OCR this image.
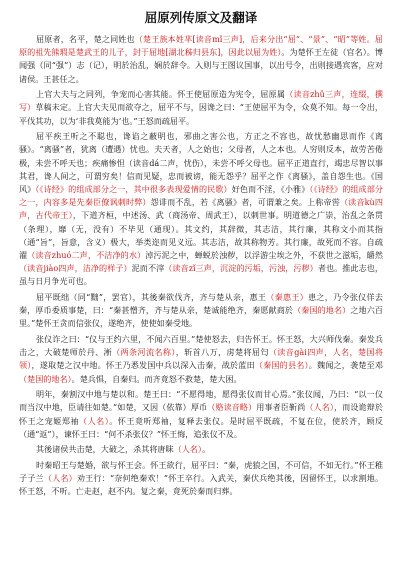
屈原列传原文及翻译

屈原者，名平，楚之同姓也（楚王族本姓芈[读音mǐ三声]，后来分出“屈”、“景”、“昭”等姓。屈原的祖先熊瑕是楚武王的儿子，封于屈地[湖北秭归县东]，因此以屈为姓）。为楚怀王左徒（官名）。博闻强（同“强”）志（记），明於治乱，娴於辞令。入则与王图议国事，以出号令，出则接遇宾客，应对诸侯。王甚任之。

上官大夫与之同列，争宠而心害其能。怀王使屈原造为宪令，屈原属（读音zhǔ三声，连缀，撰写）草稿未定。上官大夫见而欲夺之，屈平不与，因谗之曰：“王使屈平为令，众莫不知。每一令出，平伐其功，以为‘非我莫能为’也。”王怒而疏屈平。

屈平疾王听之不聪也，谗谄之蔽明也，邪曲之害公也，方正之不容也，故忧愁幽思而作《离骚》。“离骚”者，犹离（遭遇）忧也。夫天者，人之始也；父母者，人之本也。人穷则反本，故劳苦倦极，未尝不呼天也；疾痛惨怛（读音dá二声，忧伤），未尝不呼父母也。屈平正道直行，竭忠尽智以事其君，谗人间之，可谓穷矣！信而见疑，忠而被谤，能无怨乎？屈平之作《离骚》，盖自怨生也。《国风》（《诗经》的组成部分之一，其中很多表现爱情的民歌）好色而不淫，《小雅》（《诗经》的组成部分之一，内容多是先秦臣僚讽刺时弊）怨诽而不乱，若《离骚》者，可谓兼之矣。上称帝喾（读音kù四声，古代帝王），下道齐桓，中述汤、武（商汤帝、周武王），以刺世事。明道德之广崇，治乱之条贯（条理），靡（无，没有）不毕见（通现）。其文约，其辞微，其志洁，其行廉，其称文小而其指（通“旨”，旨意，含义）极大，举类迩而见义远。其志洁，故其称物芳。其行廉，故死而不容。自疏濯（读音zhuó二声，不洁净的水）淖污泥之中，蝉蜕於浊秽，以浮游尘埃之外，不获世之滋垢，皭然（读音jiào四声，洁净的样子）泥而不滓（读音zǐ三声，沉淀的污垢，污浊，污秽）者也。推此志也，虽与日月争光可也。

屈平既绌（同“黜”，罢官），其後秦欲伐齐，齐与楚从亲，惠王（秦惠王）患之，乃令张仪佯去秦，厚币委质事楚，曰：“秦甚憎齐，齐与楚从亲，楚诚能绝齐，秦愿献商於（秦国的地名）之地六百里。”楚怀王贪而信张仪，遂绝齐，使使如秦受地。

张仪诈之曰：“仪与王约六里，不闻六百里。”楚使怒去，归告怀王。怀王怒，大兴师伐秦。秦发兵击之，大破楚师於丹、淅（两条河流名称），斩首八万，虏楚将屈匄（读音gài四声，人名，楚国将领），遂取楚之汉中地。怀王乃悉发国中兵以深入击秦，战於蓝田（秦国的县名）。魏闻之，袭楚至邓（楚国的地名）。楚兵惧，自秦归。而齐竟怒不救楚，楚大困。

明年，秦割汉中地与楚以和。楚王曰：“不愿得地，愿得张仪而甘心焉。”张仪闻，乃曰：“以一仪而当汉中地，臣请往如楚。”如楚，又因（依靠）厚币（赂读音略）用事者臣靳尚（人名），而设诡辩於怀王之宠姬郑袖（人名）。怀王竟听郑袖，复释去张仪。是时屈平既疏，不复在位，使於齐，顾反（通“返”），谏怀王曰：“何不杀张仪？”怀王悔，追张仪不及。

其後诸侯共击楚，大破之，杀其将唐眜（人名）。

时秦昭王与楚婚，欲与怀王会。怀王欲行，屈平曰：“秦，虎狼之国，不可信，不如无行。”怀王稚子子兰（人名）劝王行：“奈何绝秦欢！”怀王卒行。入武关，秦伏兵绝其後，因留怀王，以求割地。怀王怒，不听。亡走赵，赵不内。复之秦，竟死於秦而归葬。
